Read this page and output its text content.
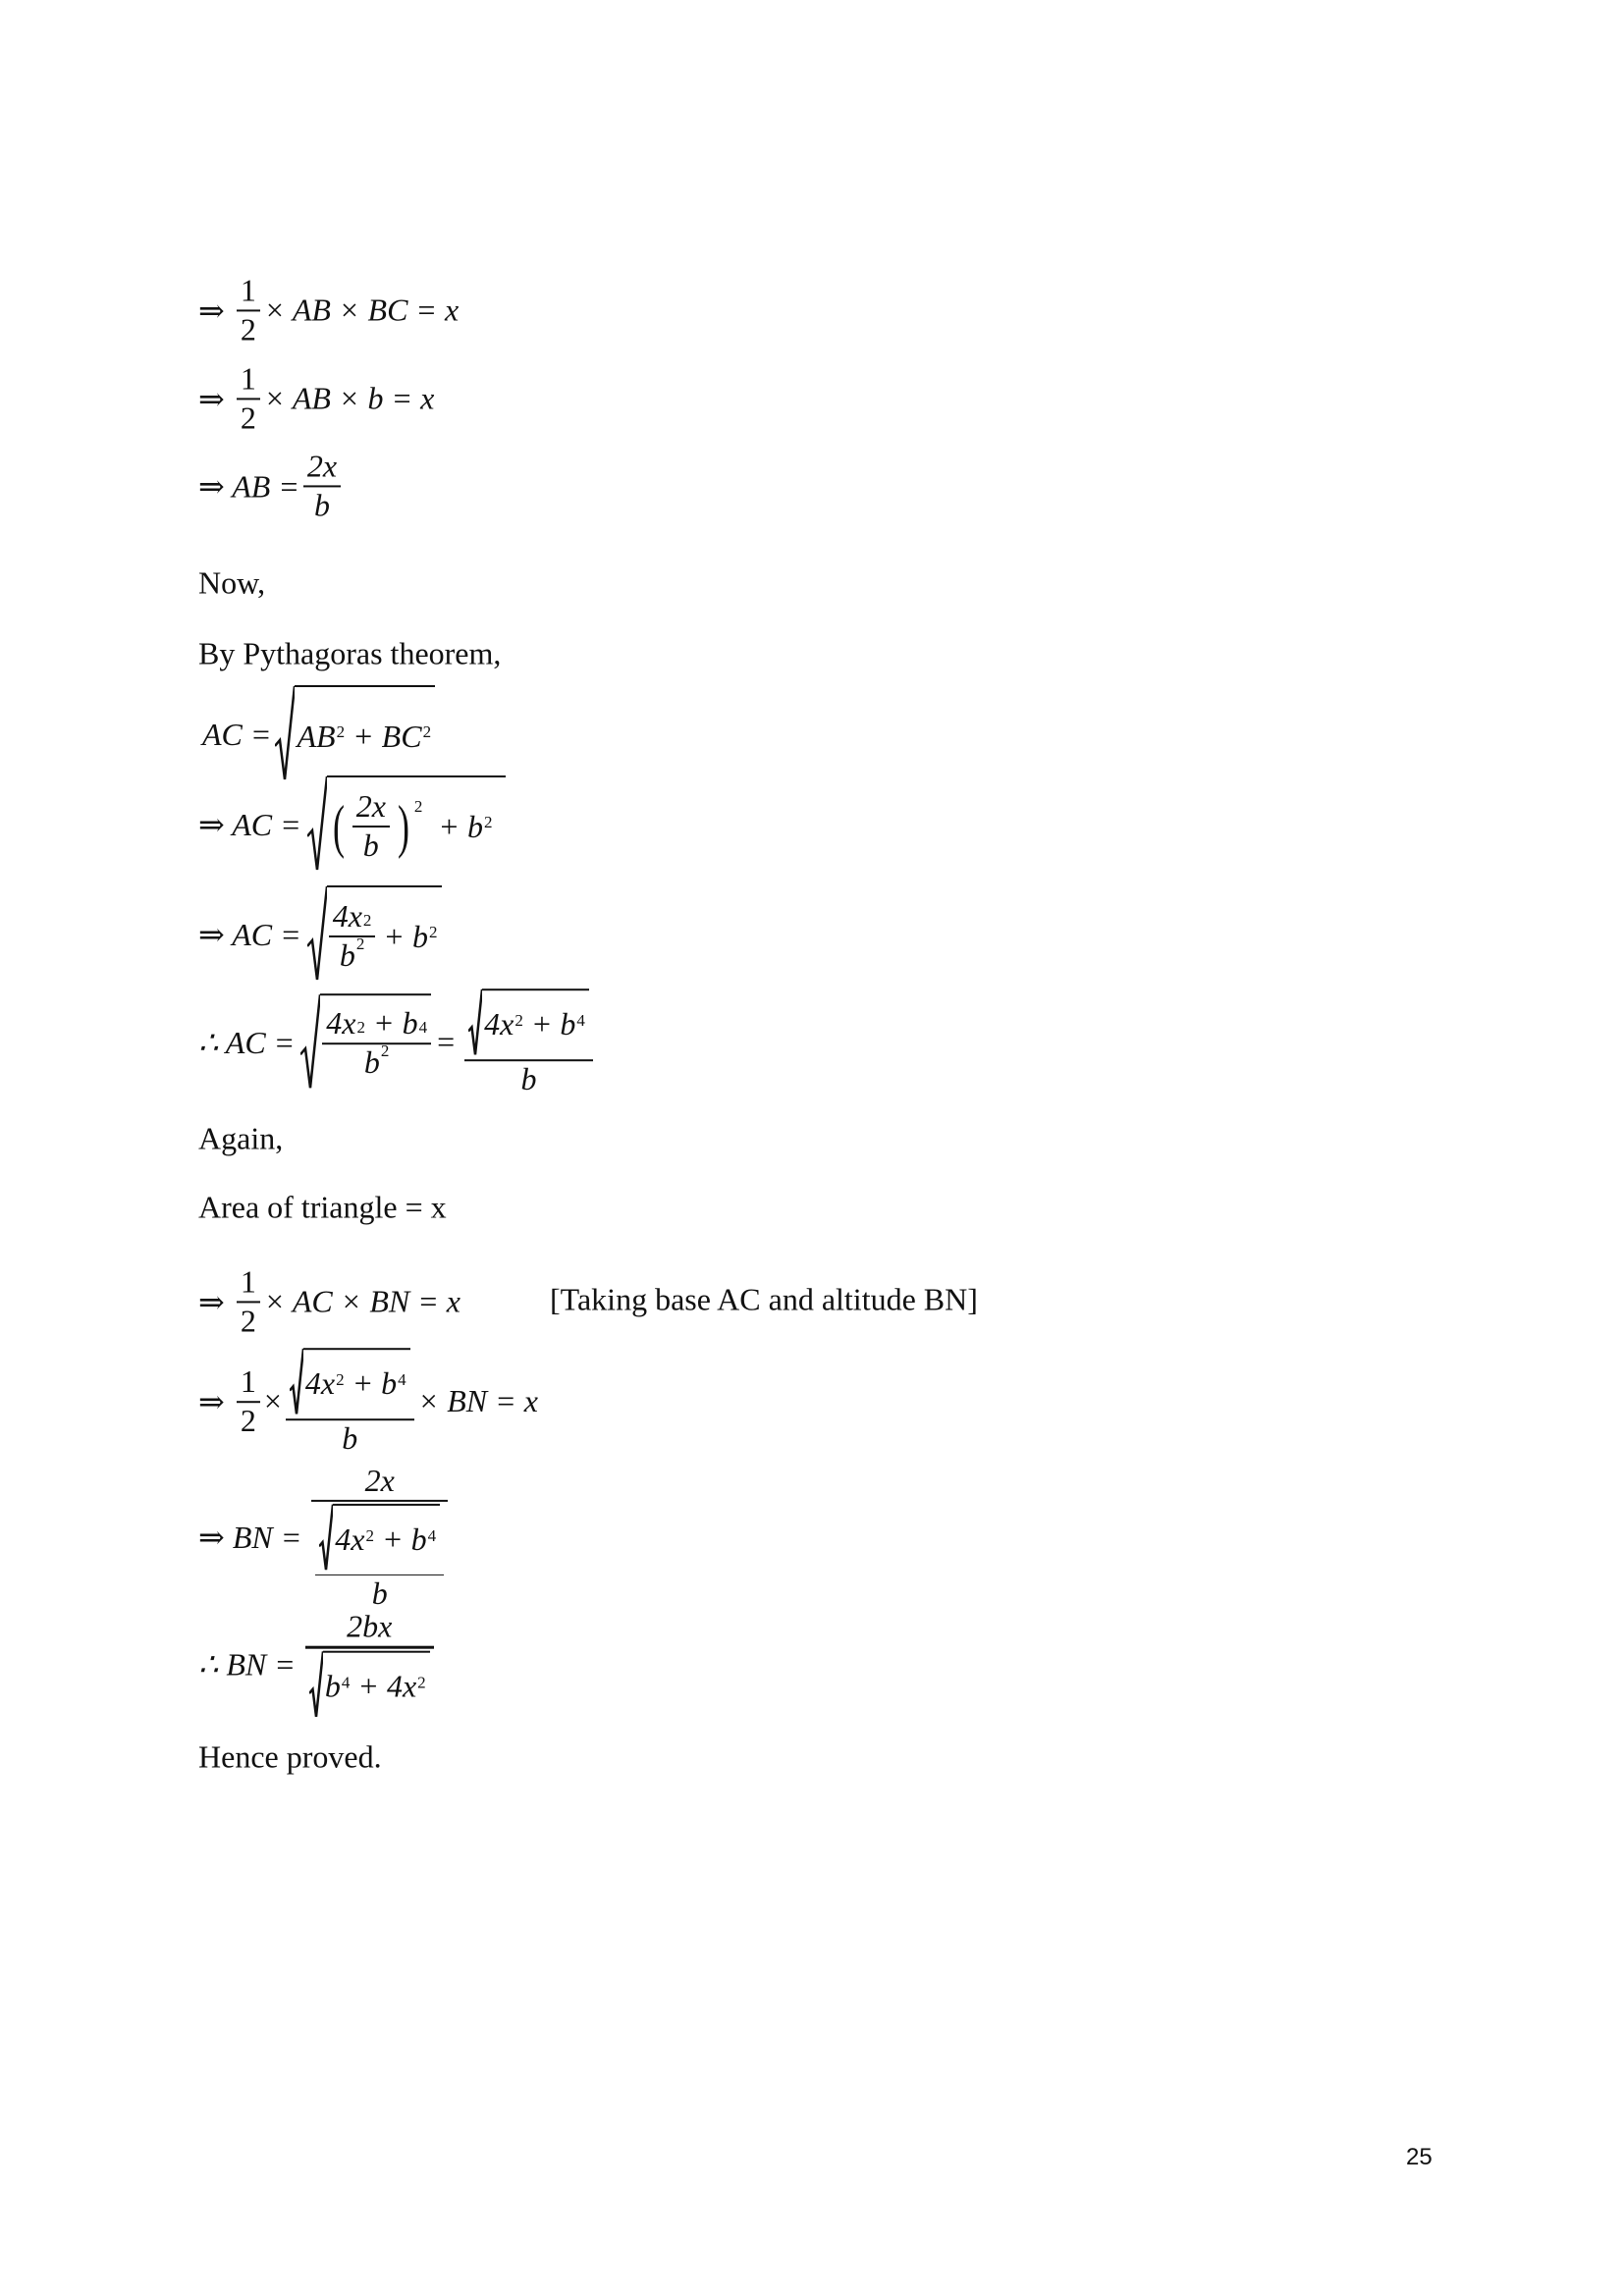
⇒ $\frac{1}{2}$ × AB × BC = x
⇒ $\frac{1}{2}$ × AB × b = x
⇒ AB = $\frac{2x}{b}$
Now,
By Pythagoras theorem,
AC = $AB^2$
+ $BC^2$
⇒ AC = ( $\frac{2x}{b}$ ) $^2$

+ $b^2$
⇒ AC = $\frac{4x^2}{b^2}$
+ $b^2$
∴ AC = $4x^2$
+ $b^4$
$b^2 = 4x^2$
+ $b^4$
b
Again,
Area of triangle = x
⇒ $\frac{1}{2}$ × AC × BN = x	[Taking base AC and altitude BN]
⇒ $\frac{1}{2} \times 4x^2$
+ $b^4$
b × BN = x
⇒ BN = 2x
$4x^2$
+ $b^4$
b
∴ BN = 2bx
$b^4$
+ $4x^2$
Hence proved.
25
